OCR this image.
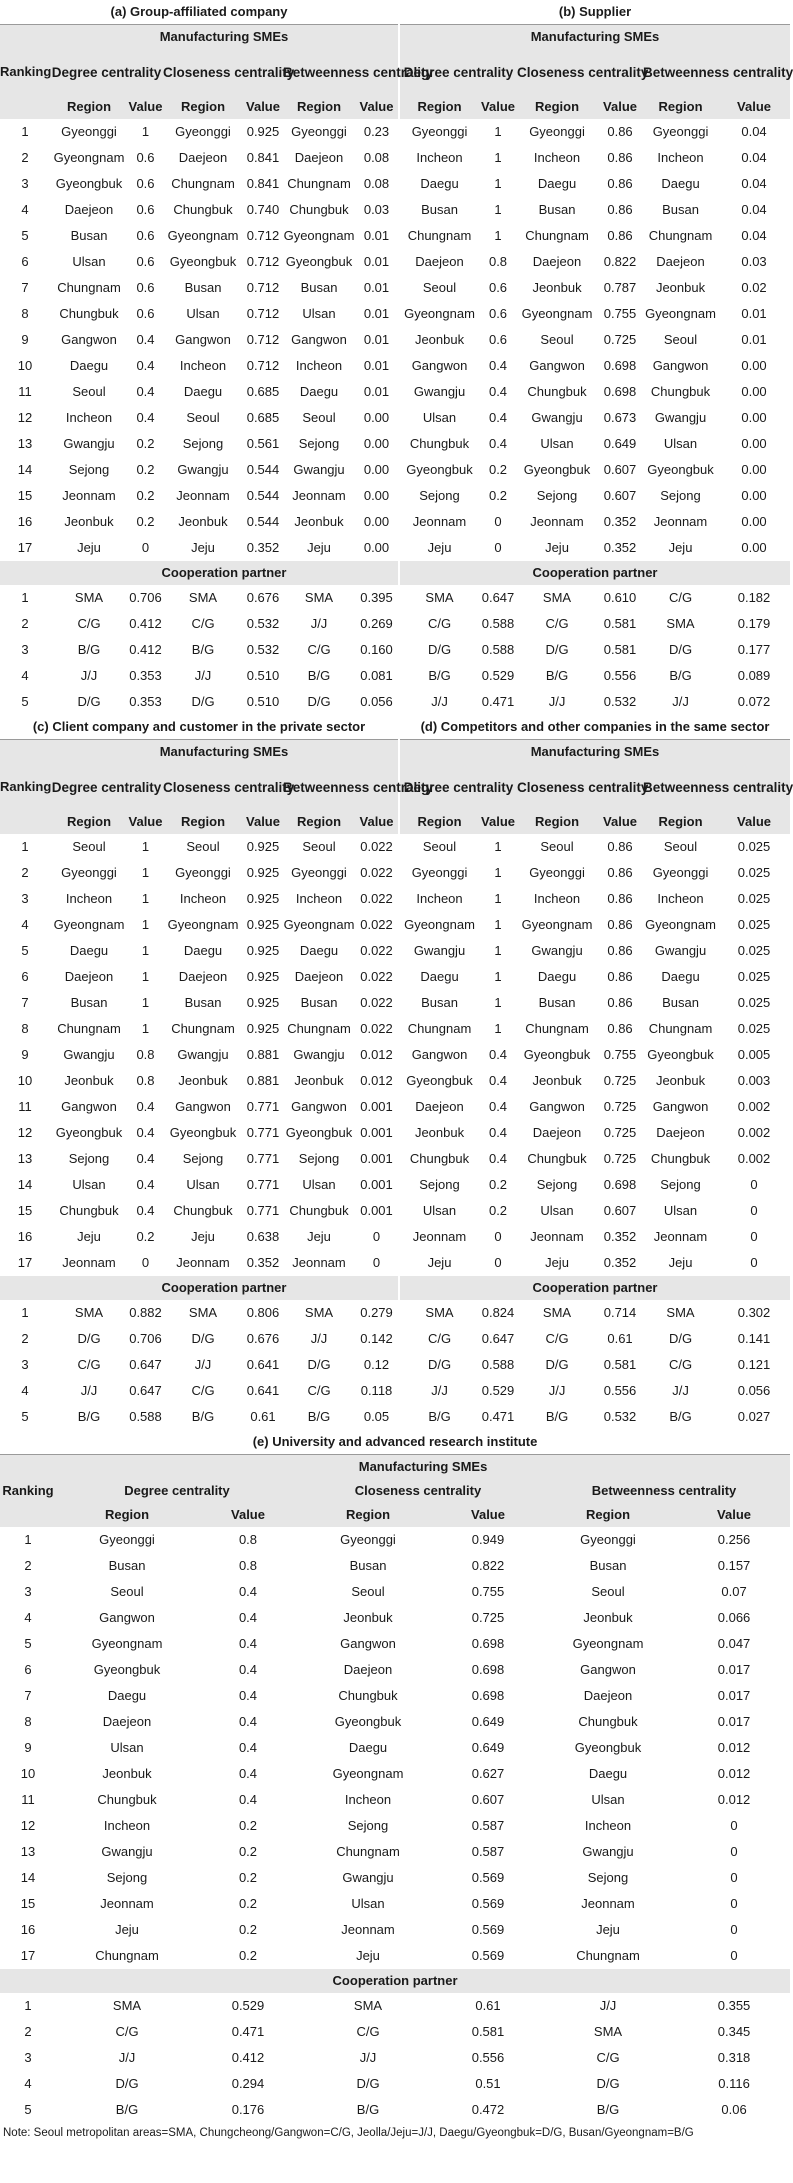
(a) Group-affiliated company							(b) Supplier					
Ranking	Manufacturing SMEs						Manufacturing SMEs					
	Degree centrality		Closeness centrality		Betweenness centrality		Degree centrality		Closeness centrality		Betweenness centrality	
	Region	Value	Region	Value	Region	Value	Region	Value	Region	Value	Region	Value
1	Gyeonggi	1	Gyeonggi	0.925	Gyeonggi	0.23	Gyeonggi	1	Gyeonggi	0.86	Gyeonggi	0.04
2	Gyeongnam	0.6	Daejeon	0.841	Daejeon	0.08	Incheon	1	Incheon	0.86	Incheon	0.04
3	Gyeongbuk	0.6	Chungnam	0.841	Chungnam	0.08	Daegu	1	Daegu	0.86	Daegu	0.04
4	Daejeon	0.6	Chungbuk	0.740	Chungbuk	0.03	Busan	1	Busan	0.86	Busan	0.04
5	Busan	0.6	Gyeongnam	0.712	Gyeongnam	0.01	Chungnam	1	Chungnam	0.86	Chungnam	0.04
6	Ulsan	0.6	Gyeongbuk	0.712	Gyeongbuk	0.01	Daejeon	0.8	Daejeon	0.822	Daejeon	0.03
7	Chungnam	0.6	Busan	0.712	Busan	0.01	Seoul	0.6	Jeonbuk	0.787	Jeonbuk	0.02
8	Chungbuk	0.6	Ulsan	0.712	Ulsan	0.01	Gyeongnam	0.6	Gyeongnam	0.755	Gyeongnam	0.01
9	Gangwon	0.4	Gangwon	0.712	Gangwon	0.01	Jeonbuk	0.6	Seoul	0.725	Seoul	0.01
10	Daegu	0.4	Incheon	0.712	Incheon	0.01	Gangwon	0.4	Gangwon	0.698	Gangwon	0.00
11	Seoul	0.4	Daegu	0.685	Daegu	0.01	Gwangju	0.4	Chungbuk	0.698	Chungbuk	0.00
12	Incheon	0.4	Seoul	0.685	Seoul	0.00	Ulsan	0.4	Gwangju	0.673	Gwangju	0.00
13	Gwangju	0.2	Sejong	0.561	Sejong	0.00	Chungbuk	0.4	Ulsan	0.649	Ulsan	0.00
14	Sejong	0.2	Gwangju	0.544	Gwangju	0.00	Gyeongbuk	0.2	Gyeongbuk	0.607	Gyeongbuk	0.00
15	Jeonnam	0.2	Jeonnam	0.544	Jeonnam	0.00	Sejong	0.2	Sejong	0.607	Sejong	0.00
16	Jeonbuk	0.2	Jeonbuk	0.544	Jeonbuk	0.00	Jeonnam	0	Jeonnam	0.352	Jeonnam	0.00
17	Jeju	0	Jeju	0.352	Jeju	0.00	Jeju	0	Jeju	0.352	Jeju	0.00
	Cooperation partner						Cooperation partner					
1	SMA	0.706	SMA	0.676	SMA	0.395	SMA	0.647	SMA	0.610	C/G	0.182
2	C/G	0.412	C/G	0.532	J/J	0.269	C/G	0.588	C/G	0.581	SMA	0.179
3	B/G	0.412	B/G	0.532	C/G	0.160	D/G	0.588	D/G	0.581	D/G	0.177
4	J/J	0.353	J/J	0.510	B/G	0.081	B/G	0.529	B/G	0.556	B/G	0.089
5	D/G	0.353	D/G	0.510	D/G	0.056	J/J	0.471	J/J	0.532	J/J	0.072
(c) Client company and customer in the private sector							(d) Competitors and other companies in the same sector					
Ranking	Manufacturing SMEs						Manufacturing SMEs					
	Degree centrality		Closeness centrality		Betweenness centrality		Degree centrality		Closeness centrality		Betweenness centrality	
	Region	Value	Region	Value	Region	Value	Region	Value	Region	Value	Region	Value
1	Seoul	1	Seoul	0.925	Seoul	0.022	Seoul	1	Seoul	0.86	Seoul	0.025
2	Gyeonggi	1	Gyeonggi	0.925	Gyeonggi	0.022	Gyeonggi	1	Gyeonggi	0.86	Gyeonggi	0.025
3	Incheon	1	Incheon	0.925	Incheon	0.022	Incheon	1	Incheon	0.86	Incheon	0.025
4	Gyeongnam	1	Gyeongnam	0.925	Gyeongnam	0.022	Gyeongnam	1	Gyeongnam	0.86	Gyeongnam	0.025
5	Daegu	1	Daegu	0.925	Daegu	0.022	Gwangju	1	Gwangju	0.86	Gwangju	0.025
6	Daejeon	1	Daejeon	0.925	Daejeon	0.022	Daegu	1	Daegu	0.86	Daegu	0.025
7	Busan	1	Busan	0.925	Busan	0.022	Busan	1	Busan	0.86	Busan	0.025
8	Chungnam	1	Chungnam	0.925	Chungnam	0.022	Chungnam	1	Chungnam	0.86	Chungnam	0.025
9	Gwangju	0.8	Gwangju	0.881	Gwangju	0.012	Gangwon	0.4	Gyeongbuk	0.755	Gyeongbuk	0.005
10	Jeonbuk	0.8	Jeonbuk	0.881	Jeonbuk	0.012	Gyeongbuk	0.4	Jeonbuk	0.725	Jeonbuk	0.003
11	Gangwon	0.4	Gangwon	0.771	Gangwon	0.001	Daejeon	0.4	Gangwon	0.725	Gangwon	0.002
12	Gyeongbuk	0.4	Gyeongbuk	0.771	Gyeongbuk	0.001	Jeonbuk	0.4	Daejeon	0.725	Daejeon	0.002
13	Sejong	0.4	Sejong	0.771	Sejong	0.001	Chungbuk	0.4	Chungbuk	0.725	Chungbuk	0.002
14	Ulsan	0.4	Ulsan	0.771	Ulsan	0.001	Sejong	0.2	Sejong	0.698	Sejong	0
15	Chungbuk	0.4	Chungbuk	0.771	Chungbuk	0.001	Ulsan	0.2	Ulsan	0.607	Ulsan	0
16	Jeju	0.2	Jeju	0.638	Jeju	0	Jeonnam	0	Jeonnam	0.352	Jeonnam	0
17	Jeonnam	0	Jeonnam	0.352	Jeonnam	0	Jeju	0	Jeju	0.352	Jeju	0
	Cooperation partner						Cooperation partner					
1	SMA	0.882	SMA	0.806	SMA	0.279	SMA	0.824	SMA	0.714	SMA	0.302
2	D/G	0.706	D/G	0.676	J/J	0.142	C/G	0.647	C/G	0.61	D/G	0.141
3	C/G	0.647	J/J	0.641	D/G	0.12	D/G	0.588	D/G	0.581	C/G	0.121
4	J/J	0.647	C/G	0.641	C/G	0.118	J/J	0.529	J/J	0.556	J/J	0.056
5	B/G	0.588	B/G	0.61	B/G	0.05	B/G	0.471	B/G	0.532	B/G	0.027
(e) University and advanced research institute						
Ranking	Manufacturing SMEs					
	Degree centrality		Closeness centrality		Betweenness centrality	
	Region	Value	Region	Value	Region	Value
1	Gyeonggi	0.8	Gyeonggi	0.949	Gyeonggi	0.256
2	Busan	0.8	Busan	0.822	Busan	0.157
3	Seoul	0.4	Seoul	0.755	Seoul	0.07
4	Gangwon	0.4	Jeonbuk	0.725	Jeonbuk	0.066
5	Gyeongnam	0.4	Gangwon	0.698	Gyeongnam	0.047
6	Gyeongbuk	0.4	Daejeon	0.698	Gangwon	0.017
7	Daegu	0.4	Chungbuk	0.698	Daejeon	0.017
8	Daejeon	0.4	Gyeongbuk	0.649	Chungbuk	0.017
9	Ulsan	0.4	Daegu	0.649	Gyeongbuk	0.012
10	Jeonbuk	0.4	Gyeongnam	0.627	Daegu	0.012
11	Chungbuk	0.4	Incheon	0.607	Ulsan	0.012
12	Incheon	0.2	Sejong	0.587	Incheon	0
13	Gwangju	0.2	Chungnam	0.587	Gwangju	0
14	Sejong	0.2	Gwangju	0.569	Sejong	0
15	Jeonnam	0.2	Ulsan	0.569	Jeonnam	0
16	Jeju	0.2	Jeonnam	0.569	Jeju	0
17	Chungnam	0.2	Jeju	0.569	Chungnam	0
Cooperation partner						
1	SMA	0.529	SMA	0.61	J/J	0.355
2	C/G	0.471	C/G	0.581	SMA	0.345
3	J/J	0.412	J/J	0.556	C/G	0.318
4	D/G	0.294	D/G	0.51	D/G	0.116
5	B/G	0.176	B/G	0.472	B/G	0.06
Note: Seoul metropolitan areas=SMA, Chungcheong/Gangwon=C/G, Jeolla/Jeju=J/J, Daegu/Gyeongbuk=D/G, Busan/Gyeongnam=B/G
